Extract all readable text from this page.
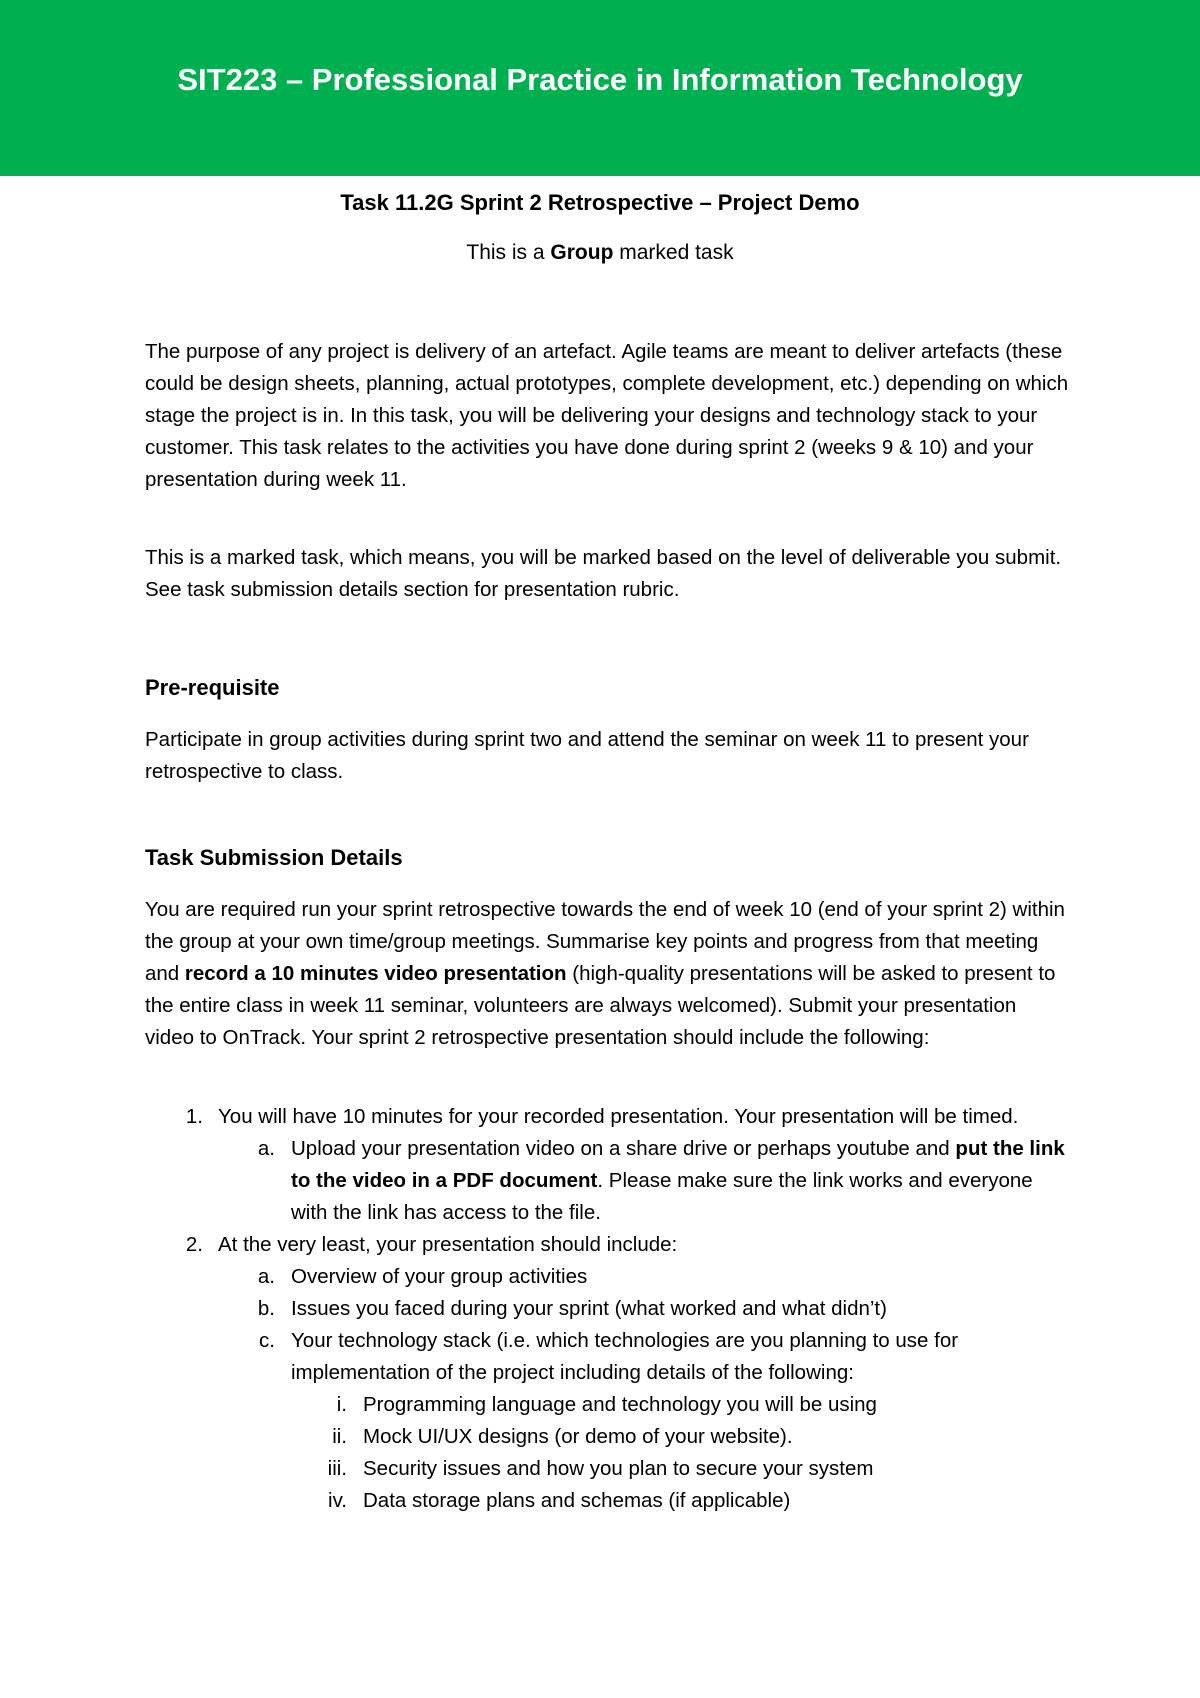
SIT223 – Professional Practice in Information Technology
Task 11.2G Sprint 2 Retrospective – Project Demo
This is a Group marked task

The purpose of any project is delivery of an artefact. Agile teams are meant to deliver artefacts (these could be design sheets, planning, actual prototypes, complete development, etc.) depending on which stage the project is in. In this task, you will be delivering your designs and technology stack to your customer. This task relates to the activities you have done during sprint 2 (weeks 9 & 10) and your presentation during week 11.

This is a marked task, which means, you will be marked based on the level of deliverable you submit. See task submission details section for presentation rubric.

Pre-requisite

Participate in group activities during sprint two and attend the seminar on week 11 to present your retrospective to class.

Task Submission Details

You are required run your sprint retrospective towards the end of week 10 (end of your sprint 2) within the group at your own time/group meetings. Summarise key points and progress from that meeting and record a 10 minutes video presentation (high-quality presentations will be asked to present to the entire class in week 11 seminar, volunteers are always welcomed). Submit your presentation video to OnTrack. Your sprint 2 retrospective presentation should include the following:

1. You will have 10 minutes for your recorded presentation. Your presentation will be timed.
a. Upload your presentation video on a share drive or perhaps youtube and put the link to the video in a PDF document. Please make sure the link works and everyone with the link has access to the file.
2. At the very least, your presentation should include:
a. Overview of your group activities
b. Issues you faced during your sprint (what worked and what didn’t)
c. Your technology stack (i.e. which technologies are you planning to use for implementation of the project including details of the following:
i. Programming language and technology you will be using
ii. Mock UI/UX designs (or demo of your website).
iii. Security issues and how you plan to secure your system
iv. Data storage plans and schemas (if applicable)
